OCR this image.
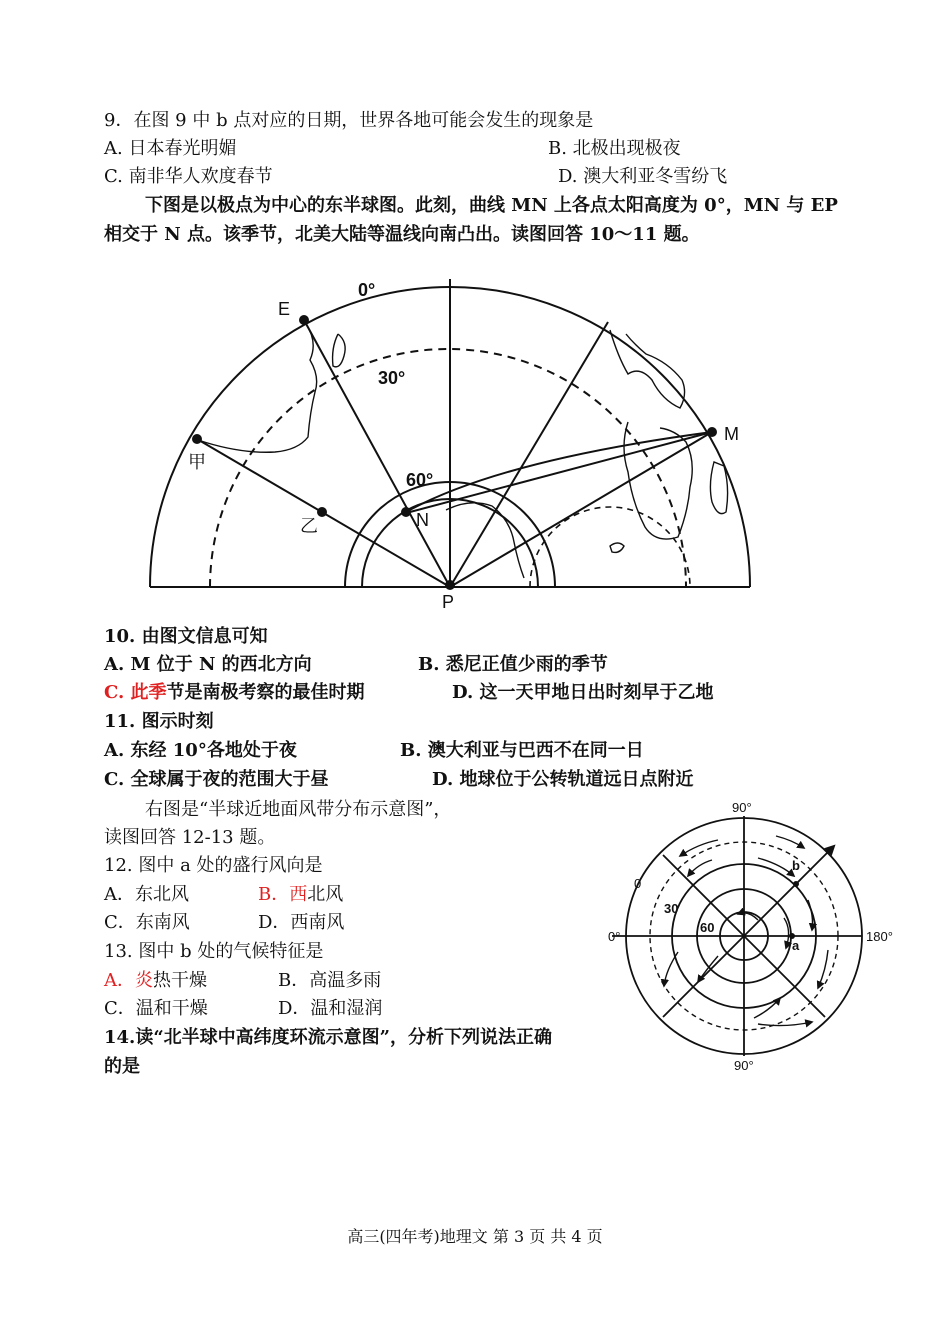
9．在图 9 中 b 点对应的日期，世界各地可能会发生的现象是
A. 日本春光明媚	B. 北极出现极夜
C. 南非华人欢度春节	D. 澳大利亚冬雪纷飞
下图是以极点为中心的东半球图。此刻，曲线 MN 上各点太阳高度为 0°，MN 与 EP
相交于 N 点。该季节，北美大陆等温线向南凸出。读图回答 10～11 题。
0°
30°
60°
E
M
N
P
甲
乙
10. 由图文信息可知
A. M 位于 N 的西北方向	B. 悉尼正值少雨的季节
C. 此季节是南极考察的最佳时期	D. 这一天甲地日出时刻早于乙地
11. 图示时刻
A. 东经 10°各地处于夜	B. 澳大利亚与巴西不在同一日
C. 全球属于夜的范围大于昼	D. 地球位于公转轨道远日点附近
右图是“半球近地面风带分布示意图”，
读图回答 12-13 题。
12. 图中 a 处的盛行风向是
A．东北风	B．西北风
C．东南风	D．西南风
13. 图中 b 处的气候特征是
A．炎热干燥	B．高温多雨
C．温和干燥	D．温和湿润
14.读“北半球中高纬度环流示意图”，分析下列说法正确
的是
90°
90°
0°	180°
0
30
60
a
b
高三(四年考)地理文 第 3 页 共 4 页
